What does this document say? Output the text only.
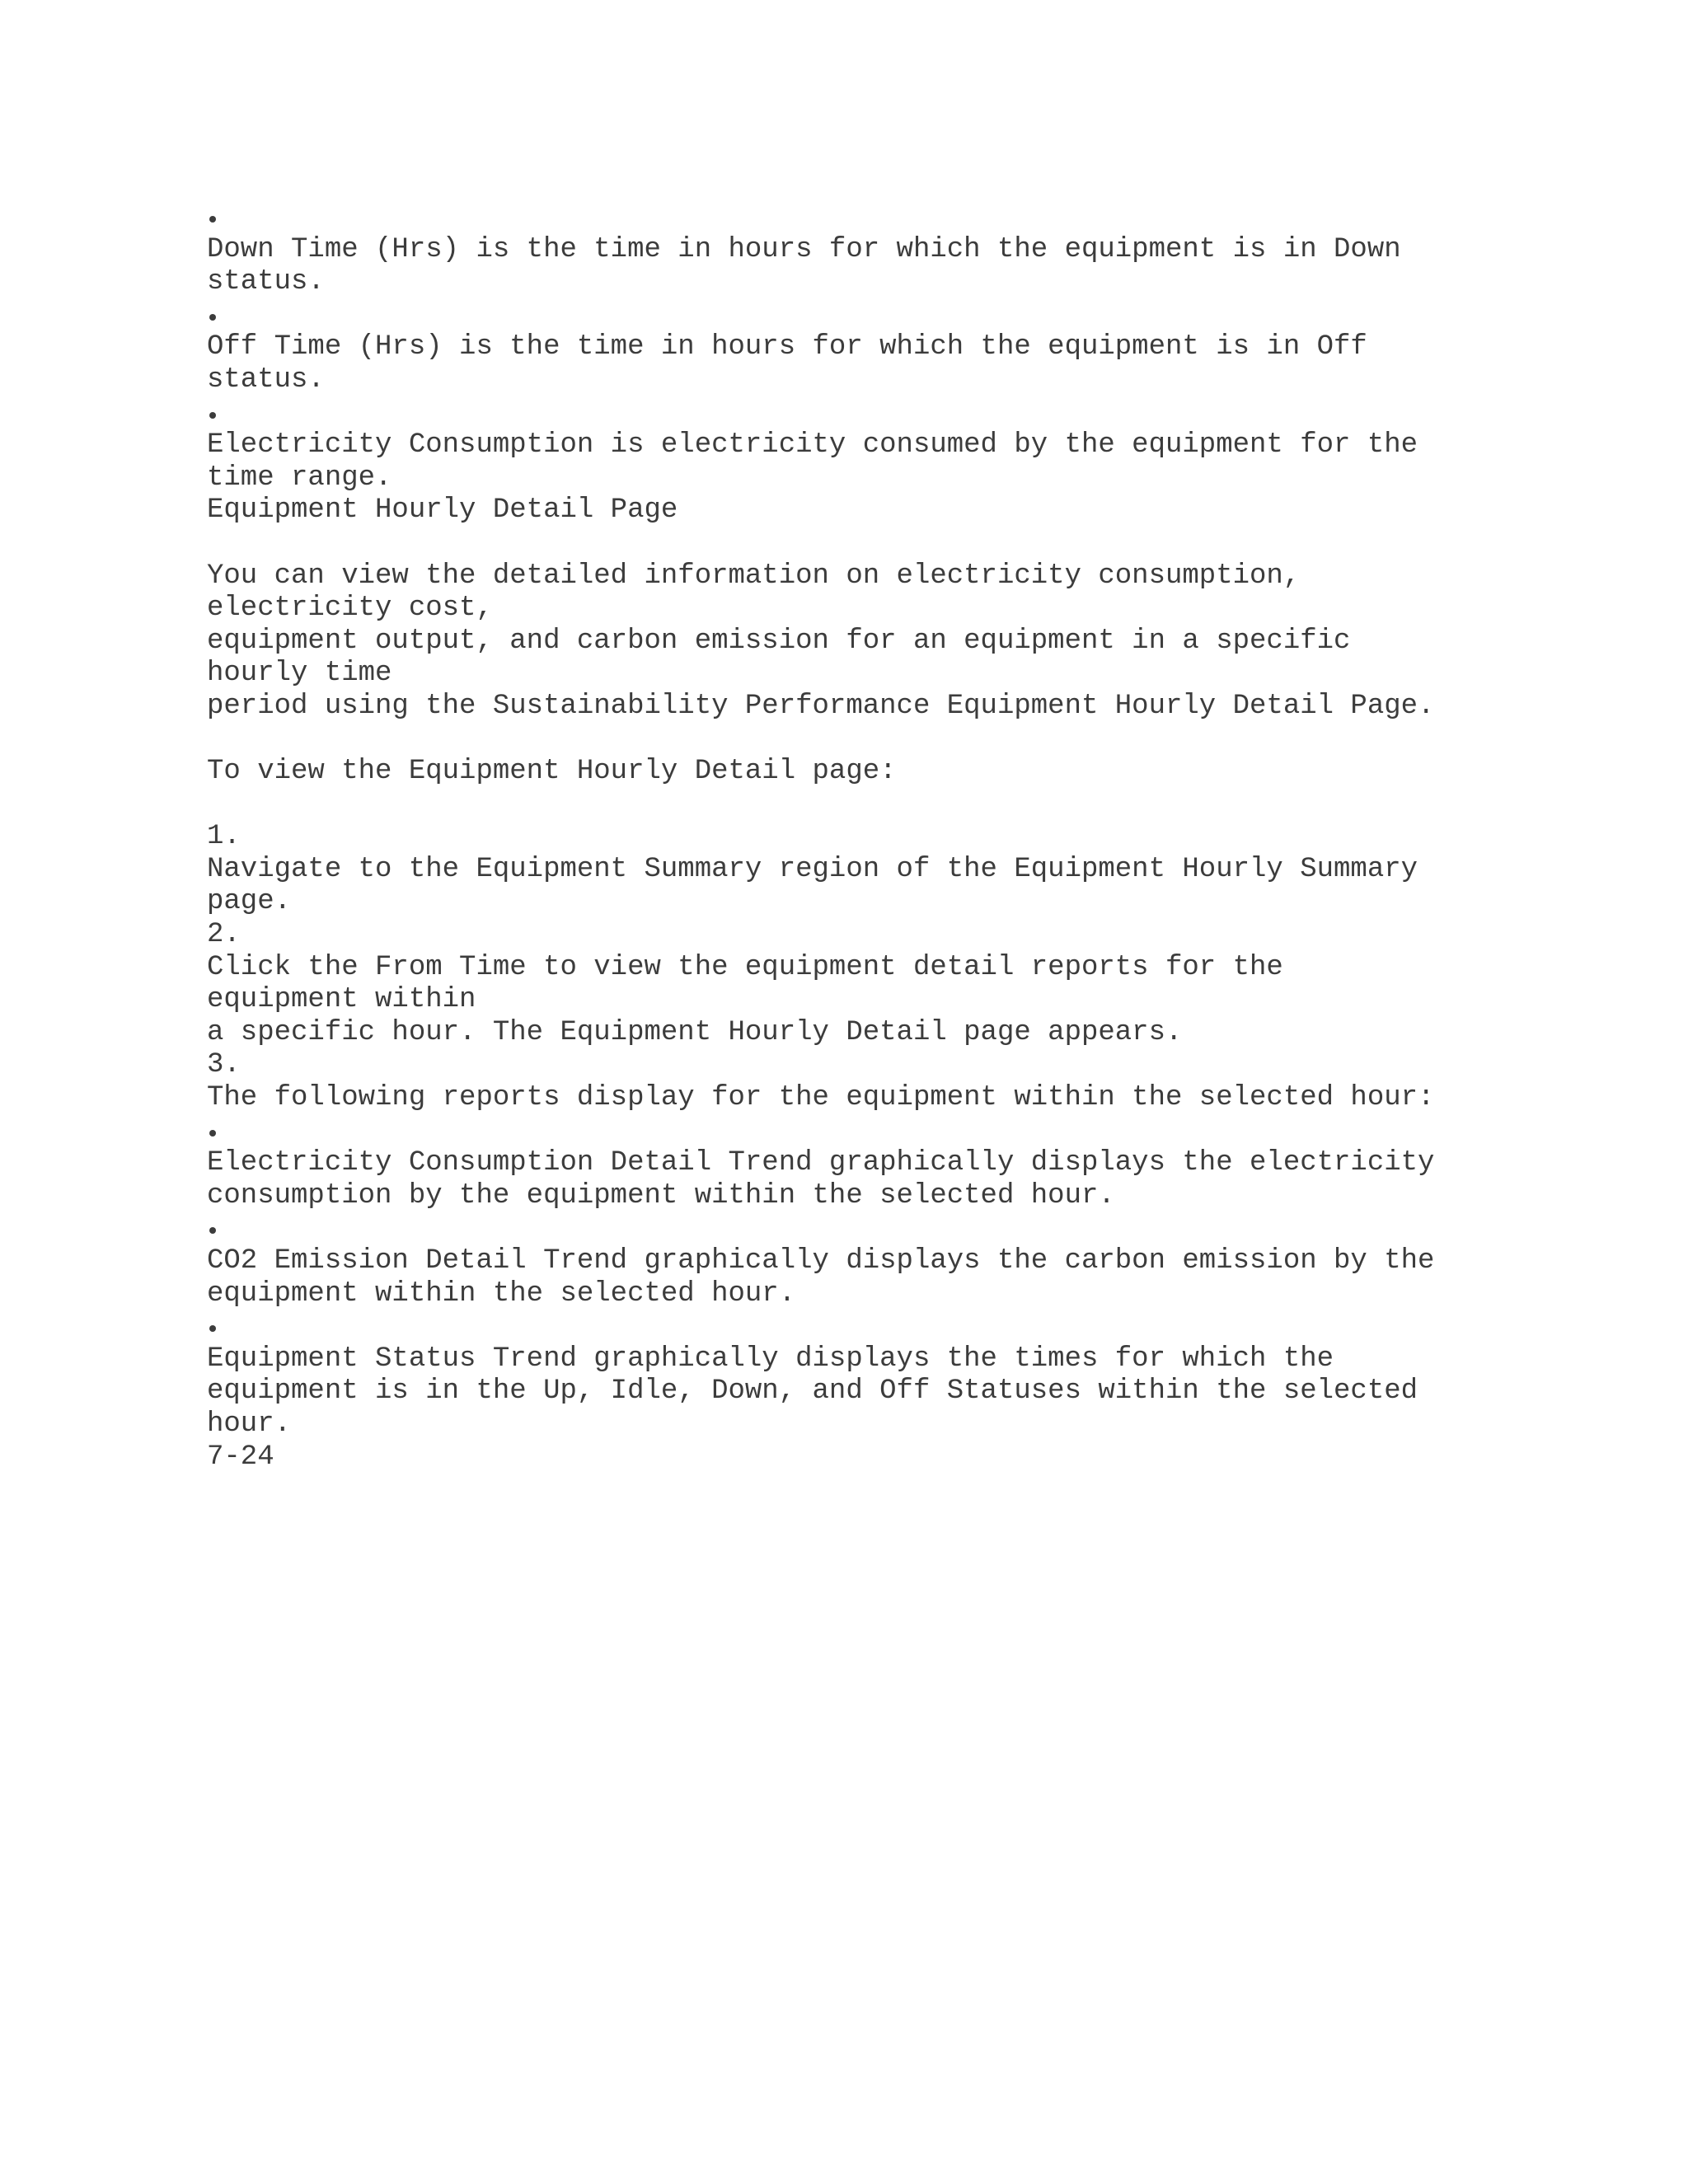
Down Time (Hrs) is the time in hours for which the equipment is in Down
status.
Off Time (Hrs) is the time in hours for which the equipment is in Off
status.
Electricity Consumption is electricity consumed by the equipment for the
time range.
Equipment Hourly Detail Page
You can view the detailed information on electricity consumption,
electricity cost,
equipment output, and carbon emission for an equipment in a specific
hourly time
period using the Sustainability Performance Equipment Hourly Detail Page.
To view the Equipment Hourly Detail page:
1.
Navigate to the Equipment Summary region of the Equipment Hourly Summary
page.
2.
Click the From Time to view the equipment detail reports for the
equipment within
a specific hour. The Equipment Hourly Detail page appears.
3.
The following reports display for the equipment within the selected hour:
Electricity Consumption Detail Trend graphically displays the electricity
consumption by the equipment within the selected hour.
CO2 Emission Detail Trend graphically displays the carbon emission by the
equipment within the selected hour.
Equipment Status Trend graphically displays the times for which the
equipment is in the Up, Idle, Down, and Off Statuses within the selected
hour.
7-24
